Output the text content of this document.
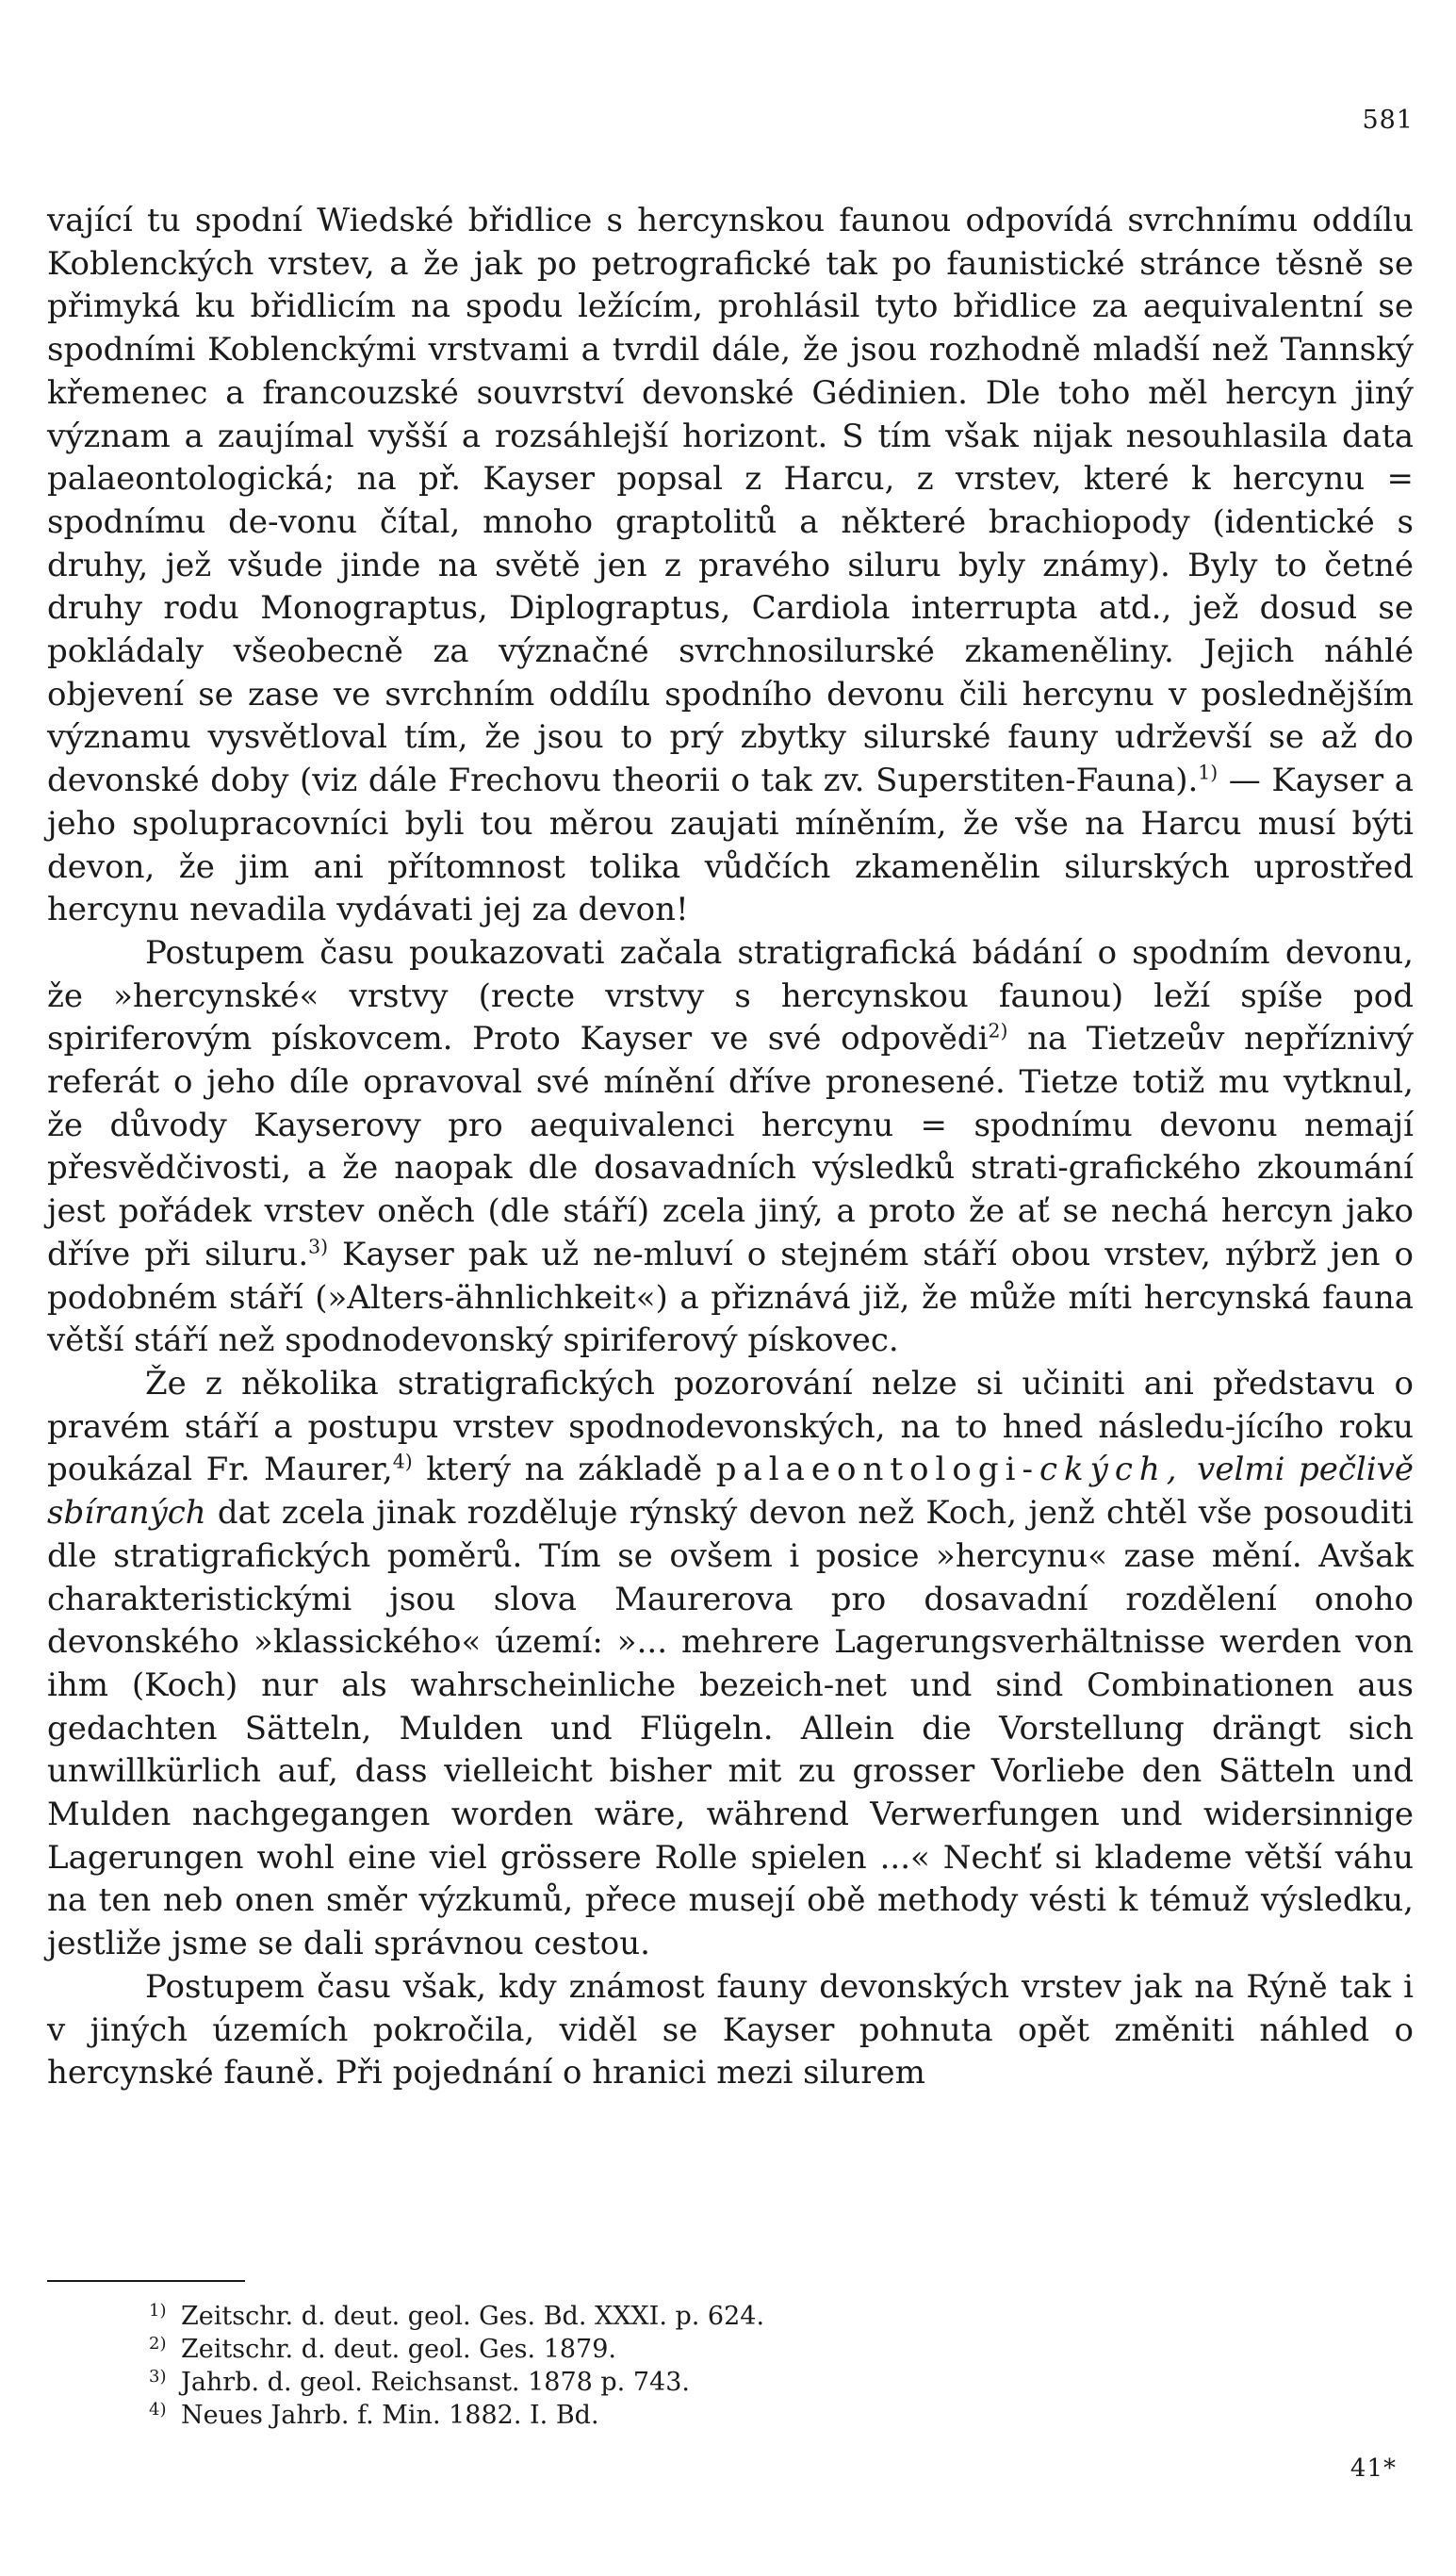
581

vající tu spodní Wiedské břidlice s hercynskou faunou odpovídá svrchnímu oddílu Koblenckých vrstev, a že jak po petrografické tak po faunistické stránce těsně se přimyká ku břidlicím na spodu ležícím, prohlásil tyto břidlice za aequivalentní se spodními Koblenckými vrstvami a tvrdil dále, že jsou rozhodně mladší než Tannský křemenec a francouzské souvrství devonské Gédinien. Dle toho měl hercyn jiný význam a zaujímal vyšší a rozsáhlejší horizont. S tím však nijak nesouhlasila data palaeontologická; na př. Kayser popsal z Harcu, z vrstev, které k hercynu = spodnímu de-vonu čítal, mnoho graptolitů a některé brachiopody (identické s druhy, jež všude jinde na světě jen z pravého siluru byly známy). Byly to četné druhy rodu Monograptus, Diplograptus, Cardiola interrupta atd., jež dosud se pokládaly všeobecně za význačné svrchnosilurské zkameněliny. Jejich náhlé objevení se zase ve svrchním oddílu spodního devonu čili hercynu v poslednějším významu vysvětloval tím, že jsou to prý zbytky silurské fauny udrževší se až do devonské doby (viz dále Frechovu theorii o tak zv. Superstiten-Fauna).$^{1)}$ — Kayser a jeho spolupracovníci byli tou měrou zaujati míněním, že vše na Harcu musí býti devon, že jim ani přítomnost tolika vůdčích zkamenělin silurských uprostřed hercynu nevadila vydávati jej za devon!

Postupem času poukazovati začala stratigrafická bádání o spodním devonu, že »hercynské« vrstvy (recte vrstvy s hercynskou faunou) leží spíše pod spiriferovým pískovcem. Proto Kayser ve své odpovědi$^{2)}$ na Tietzeův nepříznivý referát o jeho díle opravoval své mínění dříve pronesené. Tietze totiž mu vytknul, že důvody Kayserovy pro aequivalenci hercynu = spodnímu devonu nemají přesvědčivosti, a že naopak dle dosavadních výsledků strati-grafického zkoumání jest pořádek vrstev oněch (dle stáří) zcela jiný, a proto že ať se nechá hercyn jako dříve při siluru.$^{3)}$ Kayser pak už ne-mluví o stejném stáří obou vrstev, nýbrž jen o podobném stáří (»Alters-ähnlichkeit«) a přiznává již, že může míti hercynská fauna větší stáří než spodnodevonský spiriferový pískovec.

Že z několika stratigrafických pozorování nelze si učiniti ani představu o pravém stáří a postupu vrstev spodnodevonských, na to hned následu-jícího roku poukázal Fr. Maurer,$^{4)}$ který na základě palaeontologi-ckých, velmi pečlivě sbíraných dat zcela jinak rozděluje rýnský devon než Koch, jenž chtěl vše posouditi dle stratigrafických poměrů. Tím se ovšem i posice »hercynu« zase mění. Avšak charakteristickými jsou slova Maurerova pro dosavadní rozdělení onoho devonského »klassického« území: »... mehrere Lagerungsverhältnisse werden von ihm (Koch) nur als wahrscheinliche bezeich-net und sind Combinationen aus gedachten Sätteln, Mulden und Flügeln. Allein die Vorstellung drängt sich unwillkürlich auf, dass vielleicht bisher mit zu grosser Vorliebe den Sätteln und Mulden nachgegangen worden wäre, während Verwerfungen und widersinnige Lagerungen wohl eine viel grössere Rolle spielen ...« Nechť si klademe větší váhu na ten neb onen směr výzkumů, přece musejí obě methody vésti k témuž výsledku, jestliže jsme se dali správnou cestou.

Postupem času však, kdy známost fauny devonských vrstev jak na Rýně tak i v jiných územích pokročila, viděl se Kayser pohnuta opět změniti náhled o hercynské fauně. Při pojednání o hranici mezi silurem

1) Zeitschr. d. deut. geol. Ges. Bd. XXXI. p. 624.
2) Zeitschr. d. deut. geol. Ges. 1879.
3) Jahrb. d. geol. Reichsanst. 1878 p. 743.
4) Neues Jahrb. f. Min. 1882. I. Bd.
41*
